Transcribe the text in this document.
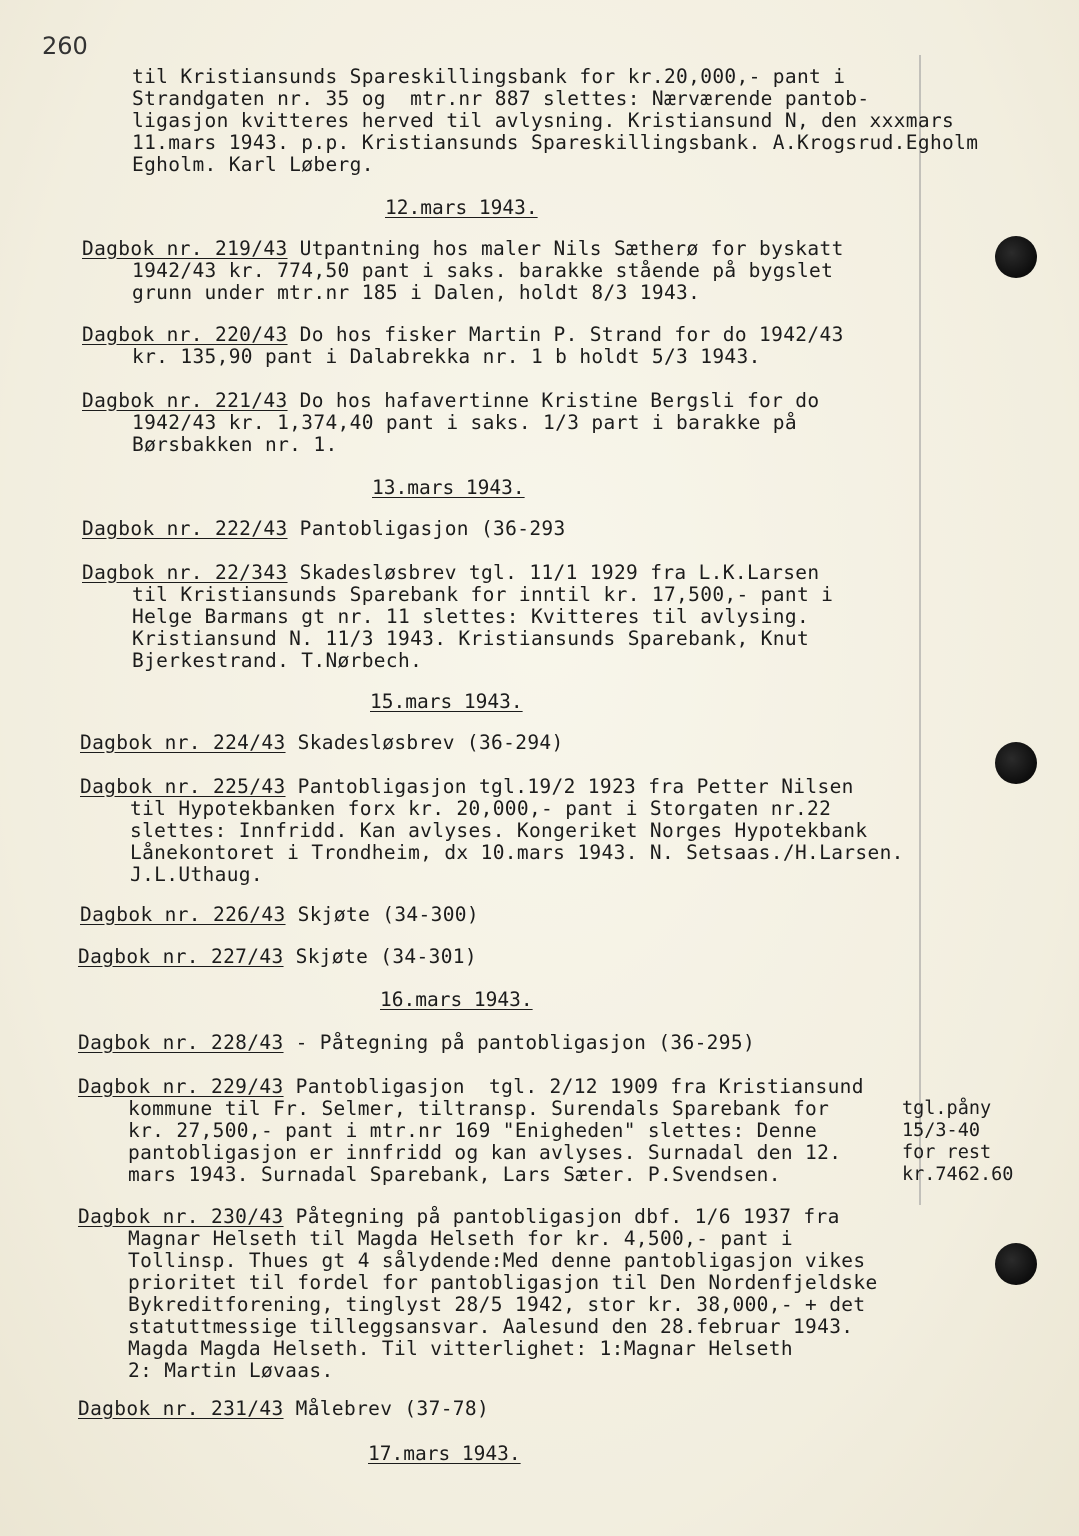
260
til Kristiansunds Spareskillingsbank for kr.20,000,- pant i
Strandgaten nr. 35 og  mtr.nr 887 slettes: Nærværende pantob-
ligasjon kvitteres herved til avlysning. Kristiansund N, den xxxmars
11.mars 1943. p.p. Kristiansunds Spareskillingsbank. A.Krogsrud.Egholm
Egholm. Karl Løberg.
12.mars 1943.
Dagbok nr. 219/43 Utpantning hos maler Nils Sætherø for byskatt
1942/43 kr. 774,50 pant i saks. barakke stående på bygslet
grunn under mtr.nr 185 i Dalen, holdt 8/3 1943.
Dagbok nr. 220/43 Do hos fisker Martin P. Strand for do 1942/43
kr. 135,90 pant i Dalabrekka nr. 1 b holdt 5/3 1943.
Dagbok nr. 221/43 Do hos hafavertinne Kristine Bergsli for do
1942/43 kr. 1,374,40 pant i saks. 1/3 part i barakke på
Børsbakken nr. 1.
13.mars 1943.
Dagbok nr. 222/43 Pantobligasjon (36-293
Dagbok nr. 22/343 Skadesløsbrev tgl. 11/1 1929 fra L.K.Larsen
til Kristiansunds Sparebank for inntil kr. 17,500,- pant i
Helge Barmans gt nr. 11 slettes: Kvitteres til avlysing.
Kristiansund N. 11/3 1943. Kristiansunds Sparebank, Knut
Bjerkestrand. T.Nørbech.
15.mars 1943.
Dagbok nr. 224/43 Skadesløsbrev (36-294)
Dagbok nr. 225/43 Pantobligasjon tgl.19/2 1923 fra Petter Nilsen
til Hypotekbanken forx kr. 20,000,- pant i Storgaten nr.22
slettes: Innfridd. Kan avlyses. Kongeriket Norges Hypotekbank
Lånekontoret i Trondheim, dx 10.mars 1943. N. Setsaas./H.Larsen.
J.L.Uthaug.
Dagbok nr. 226/43 Skjøte (34-300)
Dagbok nr. 227/43 Skjøte (34-301)
16.mars 1943.
Dagbok nr. 228/43 - Påtegning på pantobligasjon (36-295)
Dagbok nr. 229/43 Pantobligasjon  tgl. 2/12 1909 fra Kristiansund
kommune til Fr. Selmer, tiltransp. Surendals Sparebank for
kr. 27,500,- pant i mtr.nr 169 "Enigheden" slettes: Denne
pantobligasjon er innfridd og kan avlyses. Surnadal den 12.
mars 1943. Surnadal Sparebank, Lars Sæter. P.Svendsen.
tgl.påny
15/3-40
for rest
kr.7462.60
Dagbok nr. 230/43 Påtegning på pantobligasjon dbf. 1/6 1937 fra
Magnar Helseth til Magda Helseth for kr. 4,500,- pant i
Tollinsp. Thues gt 4 sålydende:Med denne pantobligasjon vikes
prioritet til fordel for pantobligasjon til Den Nordenfjeldske
Bykreditforening, tinglyst 28/5 1942, stor kr. 38,000,- + det
statuttmessige tilleggsansvar. Aalesund den 28.februar 1943.
Magda Magda Helseth. Til vitterlighet: 1:Magnar Helseth
2: Martin Løvaas.
Dagbok nr. 231/43 Målebrev (37-78)
17.mars 1943.
